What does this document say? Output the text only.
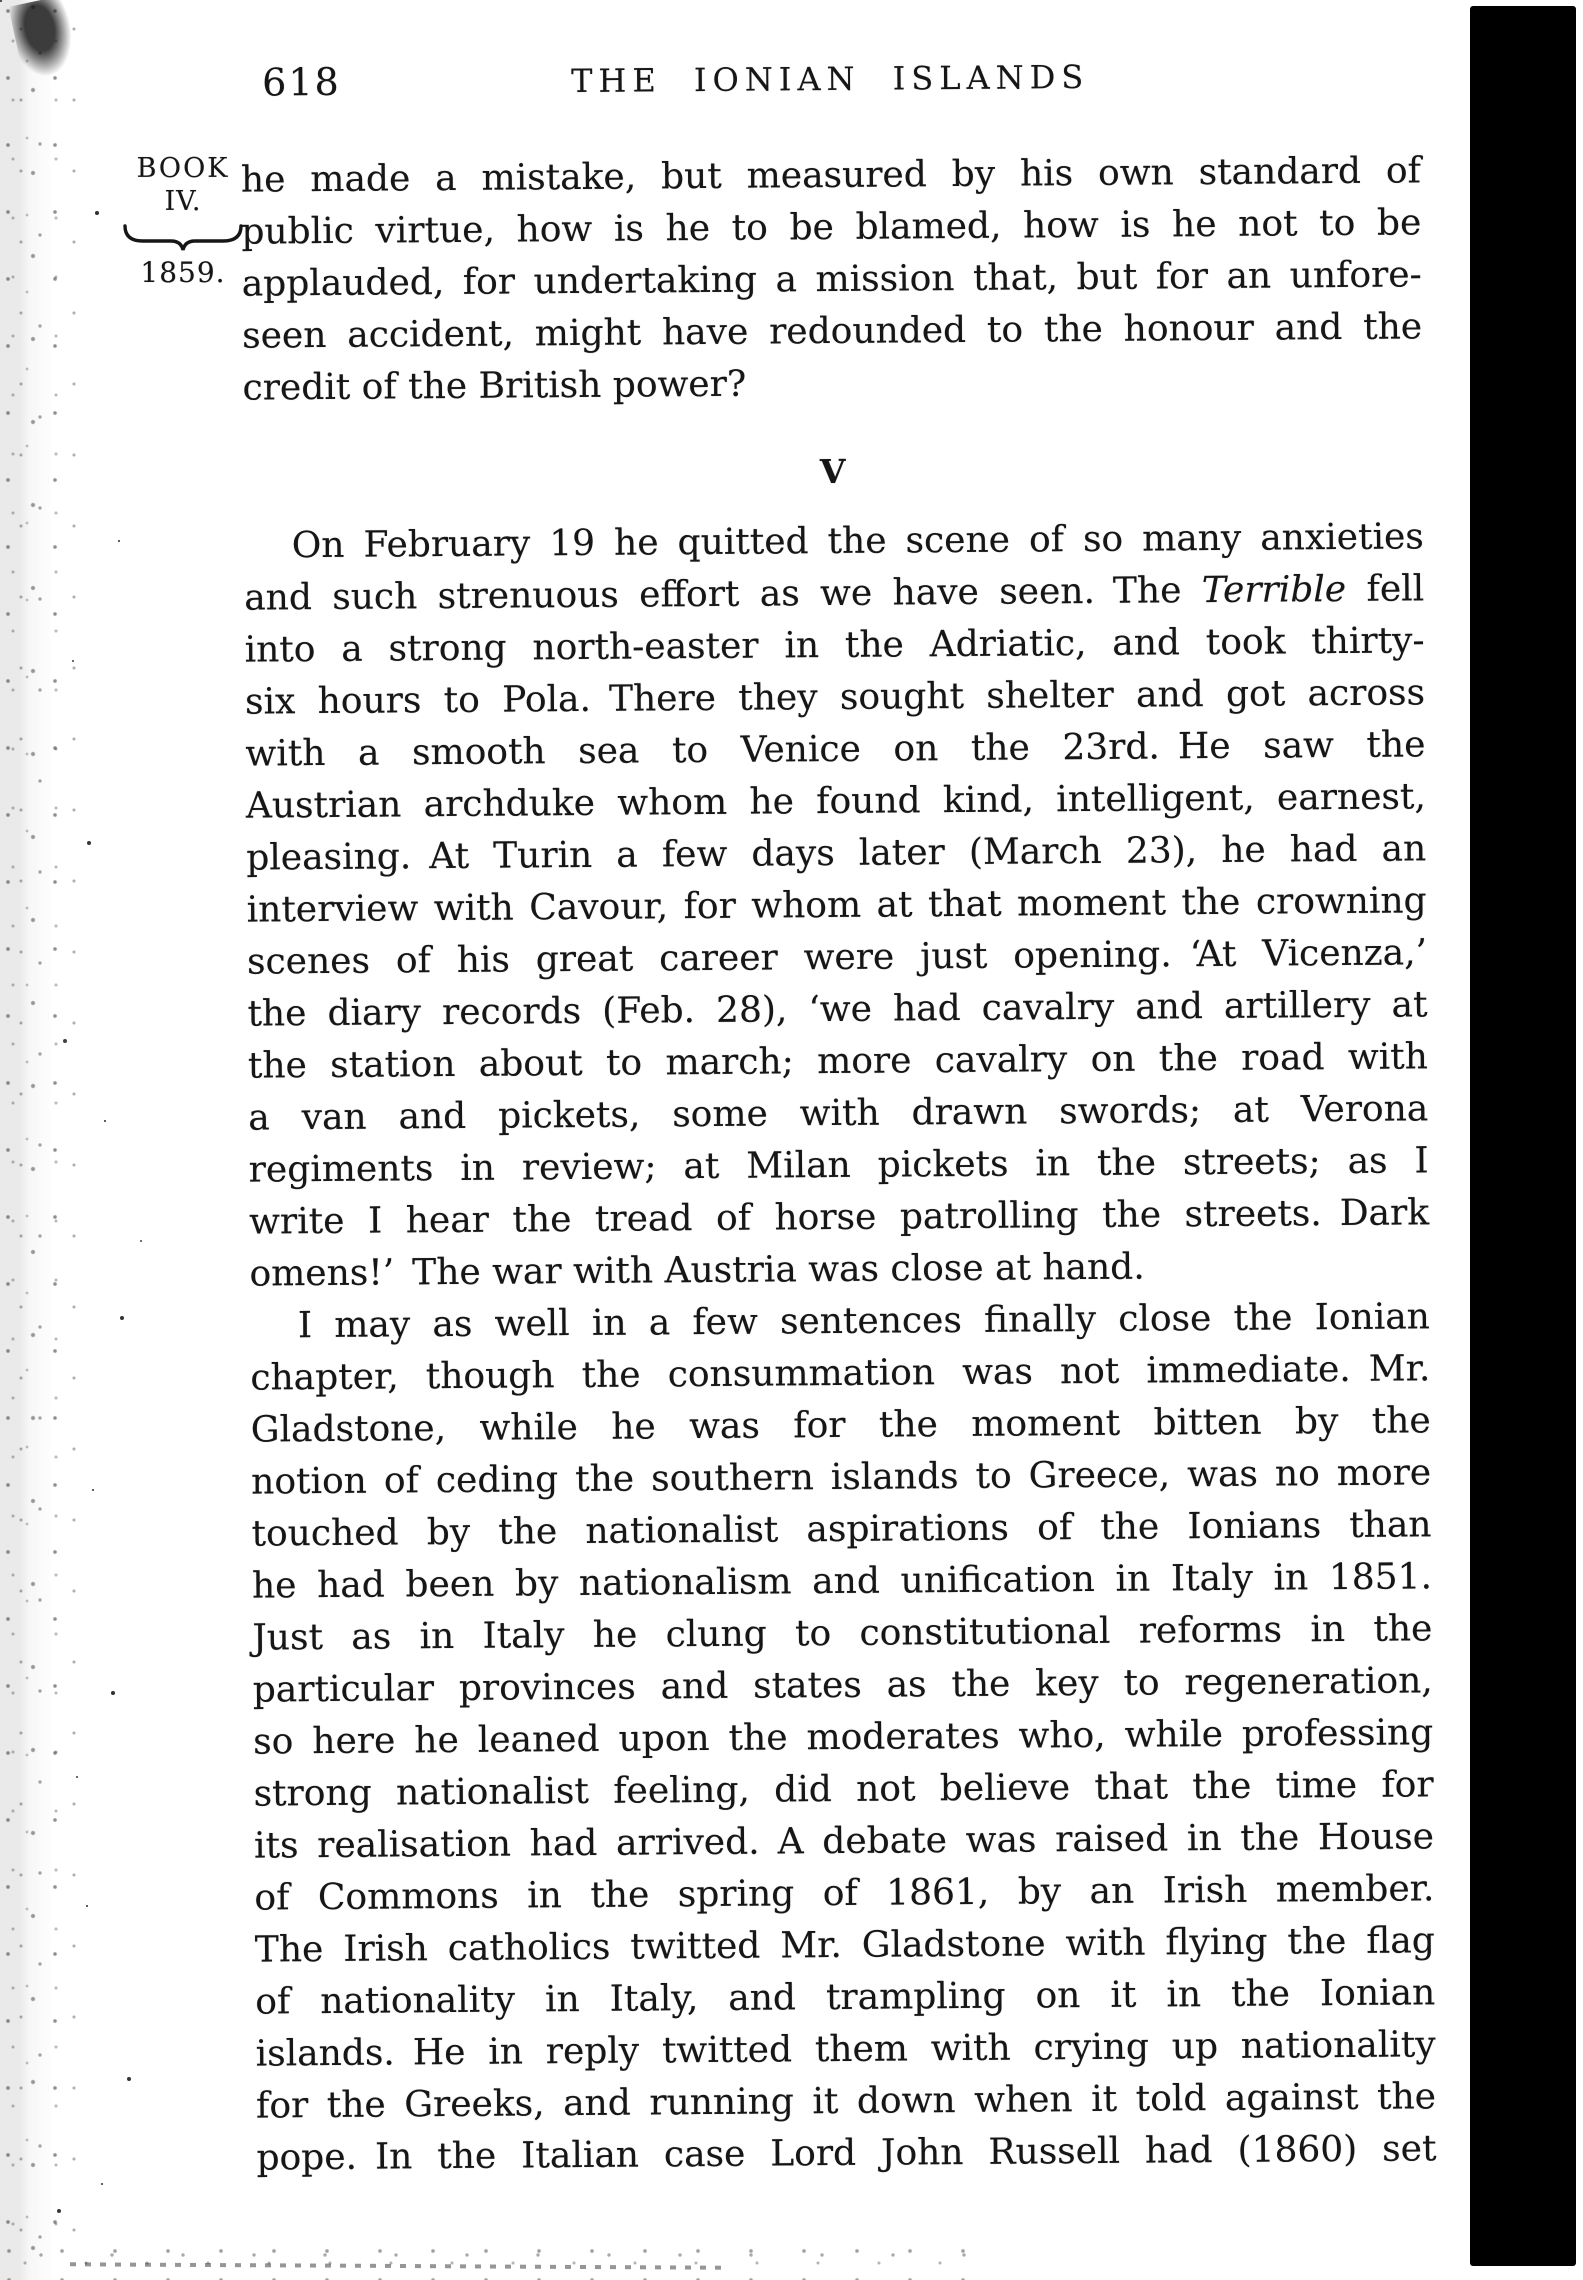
BOOK
IV.
1859.
618	THE IONIAN ISLANDS
he made a mistake, but measured by his own standard of
public virtue, how is he to be blamed, how is he not to be
applauded, for undertaking a mission that, but for an unfore-
seen accident, might have redounded to the honour and the
credit of the British power?
V
On February 19 he quitted the scene of so many anxieties
and such strenuous effort as we have seen. The Terrible fell
into a strong north-easter in the Adriatic, and took thirty-
six hours to Pola. There they sought shelter and got across
with a smooth sea to Venice on the 23rd. He saw the
Austrian archduke whom he found kind, intelligent, earnest,
pleasing. At Turin a few days later (March 23), he had an
interview with Cavour, for whom at that moment the crowning
scenes of his great career were just opening. ‘At Vicenza,’
the diary records (Feb. 28), ‘we had cavalry and artillery at
the station about to march; more cavalry on the road with
a van and pickets, some with drawn swords; at Verona
regiments in review; at Milan pickets in the streets; as I
write I hear the tread of horse patrolling the streets. Dark
omens!’ The war with Austria was close at hand.
I may as well in a few sentences finally close the Ionian
chapter, though the consummation was not immediate. Mr.
Gladstone, while he was for the moment bitten by the
notion of ceding the southern islands to Greece, was no more
touched by the nationalist aspirations of the Ionians than
he had been by nationalism and unification in Italy in 1851.
Just as in Italy he clung to constitutional reforms in the
particular provinces and states as the key to regeneration,
so here he leaned upon the moderates who, while professing
strong nationalist feeling, did not believe that the time for
its realisation had arrived. A debate was raised in the House
of Commons in the spring of 1861, by an Irish member.
The Irish catholics twitted Mr. Gladstone with flying the flag
of nationality in Italy, and trampling on it in the Ionian
islands. He in reply twitted them with crying up nationality
for the Greeks, and running it down when it told against the
pope. In the Italian case Lord John Russell had (1860) set
